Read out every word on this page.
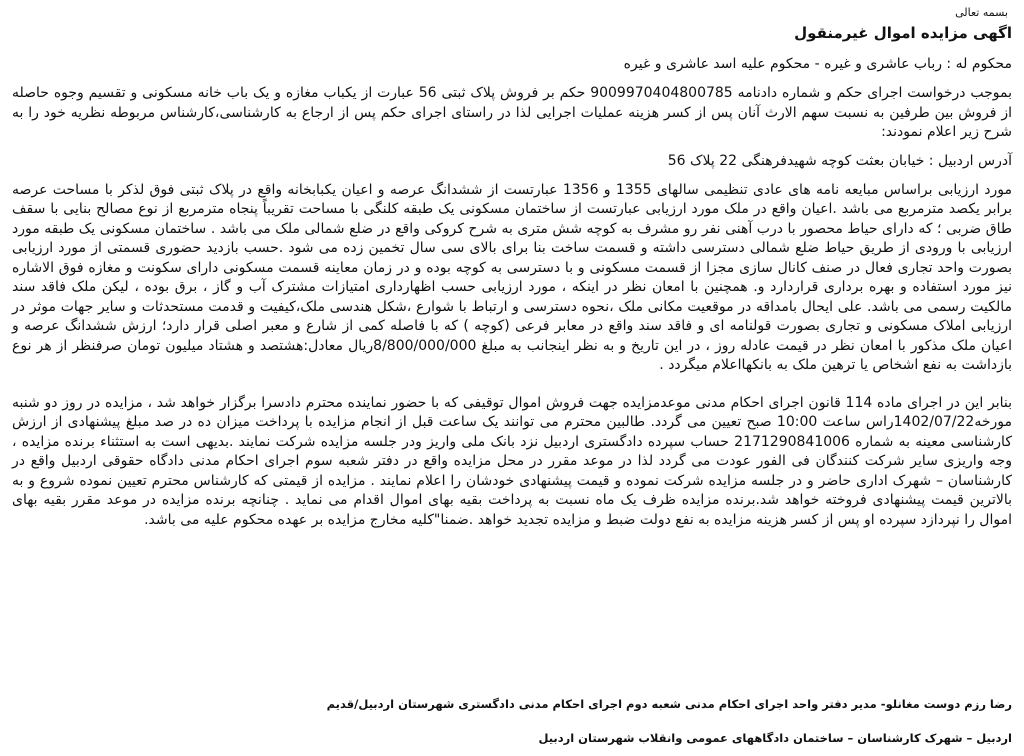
بسمه تعالی
اگهی مزایده اموال غیرمنقول
محکوم له : رباب عاشری و غیره - محکوم علیه اسد عاشری و غیره

بموجب درخواست اجرای حکم و شماره دادنامه 9009970404800785 حکم بر فروش پلاک ثبتی 56 عبارت از یکباب مغازه و یک باب خانه مسکونی و تقسیم وجوه حاصله از فروش بین طرفین به نسبت سهم الارث آنان پس از کسر هزینه عملیات اجرایی لذا در راستای اجرای حکم پس از ارجاع به کارشناسی،کارشناس مربوطه نظریه خود را به شرح زیر اعلام نمودند:

آدرس اردبیل : خیابان بعثت کوچه شهیدفرهنگی 22 پلاک 56

مورد ارزیابی براساس مبایعه نامه های عادی تنظیمی سالهای 1355 و 1356 عبارتست از ششدانگ عرصه و اعیان یکبابخانه واقع در پلاک ثبتی فوق لذکر با مساحت عرصه برابر یکصد مترمربع می باشد .اعیان واقع در ملک مورد ارزیابی عبارتست از ساختمان مسکونی یک طبقه کلنگی با مساحت تقریباً پنجاه مترمربع از نوع مصالح بنایی با سقف طاق ضربی ؛ که دارای حیاط محصور با درب آهنی نفر رو مشرف به کوچه شش متری به شرح کروکی واقع در ضلع شمالی ملک می باشد . ساختمان مسکونی یک طبقه مورد ارزیابی با ورودی از طریق حیاط ضلع شمالی دسترسی داشته و قسمت ساخت بنا برای بالای سی سال تخمین زده می شود .حسب بازدید حضوری قسمتی از مورد ارزیابی بصورت واحد تجاری فعال در صنف کانال سازی مجزا از قسمت مسکونی و با دسترسی به کوچه بوده و در زمان معاینه قسمت مسکونی دارای سکونت و مغازه فوق الاشاره نیز مورد استفاده و بهره برداری قراردارد و. همچنین با امعان نظر در اینکه ، مورد ارزیابی حسب اظهارداری امتیازات مشترک آب و گاز ، برق بوده ، لیکن ملک فاقد سند مالکیت رسمی می باشد. علی ایحال بامداقه در موقعیت مکانی ملک ،نحوه دسترسی و ارتباط با شوارع ،شکل هندسی ملک،کیفیت و قدمت مستحدثات و سایر جهات موثر در ارزیابی املاک مسکونی و تجاری بصورت قولنامه ای و فاقد سند واقع در معابر فرعی (کوچه ) که با فاصله کمی از شارع و معبر اصلی قرار دارد؛ ارزش ششدانگ عرصه و اعیان ملک مذکور با امعان نظر در قیمت عادله روز ، در این تاریخ و به نظر اینجانب به مبلغ 8/800/000/000ریال معادل:هشتصد و هشتاد میلیون تومان صرفنظر از هر نوع بازداشت به نفع اشخاص یا ترهین ملک به بانکهااعلام میگردد .

بنابر این در اجرای ماده 114 قانون اجرای احکام مدنی موعدمزایده جهت فروش اموال توقیفی که با حضور نماینده محترم دادسرا برگزار خواهد شد ، مزایده در روز دو شنبه مورخه1402/07/22راس ساعت 10:00 صبح تعیین می گردد. طالبین محترم می توانند یک ساعت قبل از انجام مزایده با پرداخت میزان ده در صد مبلغ پیشنهادی از ارزش کارشناسی معینه به شماره 2171290841006 حساب سپرده دادگستری اردبیل نزد بانک ملی واریز ودر جلسه مزایده شرکت نمایند .بدیهی است به استثناء برنده مزایده ، وجه واریزی سایر شرکت کنندگان فی الفور عودت می گردد لذا در موعد مقرر در محل مزایده واقع در دفتر شعبه سوم اجرای احکام مدنی دادگاه حقوقی اردبیل واقع در کارشناسان – شهرک اداری حاضر و در جلسه مزایده شرکت نموده و قیمت پیشنهادی خودشان را اعلام نمایند . مزایده از قیمتی که کارشناس محترم تعیین نموده شروع و به بالاترین قیمت پیشنهادی فروخته خواهد شد.برنده مزایده ظرف یک ماه نسبت به پرداخت بقیه بهای اموال اقدام می نماید . چنانچه برنده مزایده در موعد مقرر بقیه بهای اموال را نپردازد سپرده او پس از کسر هزینه مزایده به نفع دولت ضبط و مزایده تجدید خواهد .ضمنا"کلیه مخارج مزایده بر عهده محکوم علیه می باشد.

رضا رزم دوست مغانلو- مدیر دفتر واحد اجرای احکام مدنی شعبه دوم اجرای احکام مدنی دادگستری شهرستان اردبیل/قدیم
اردبیل – شهرک کارشناسان – ساختمان دادگاههای عمومی وانقلاب شهرستان اردبیل
